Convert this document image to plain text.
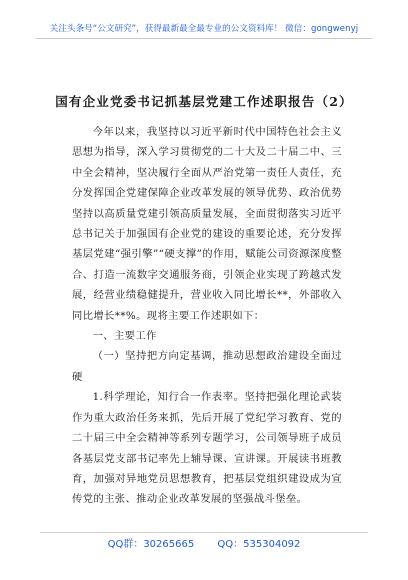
关注头条号“公文研究”，获得最新最全最专业的公文资料库！ 微信：gongwenyj
国有企业党委书记抓基层党建工作述职报告（2）

今年以来，我坚持以习近平新时代中国特色社会主义思想为指导，深入学习贯彻党的二十大及二十届二中、三中全会精神，坚决履行全面从严治党第一责任人责任，充分发挥国企党建保障企业改革发展的领导优势、政治优势坚持以高质量党建引领高质量发展，全面贯彻落实习近平总书记关于加强国有企业党的建设的重要论述，充分发挥基层党建“强引擎”“硬支撑”的作用，赋能公司资源深度整合、打造一流数字交通服务商，引领企业实现了跨越式发展，经营业绩稳健提升，营业收入同比增长**，外部收入同比增长**%。现将主要工作述职如下：

一、主要工作

（一）坚持把方向定基调，推动思想政治建设全面过硬

1.科学理论，知行合一作表率。坚持把强化理论武装作为重大政治任务来抓，先后开展了党纪学习教育、党的二十届三中全会精神等系列专题学习，公司领导班子成员各基层党支部书记率先上辅导课、宣讲课。开展读书班教育，加强对异地党员思想教育，把基层党组织建设成为宣传党的主张、推动企业改革发展的坚强战斗堡垒。

QQ群：30265665 QQ：535304092
